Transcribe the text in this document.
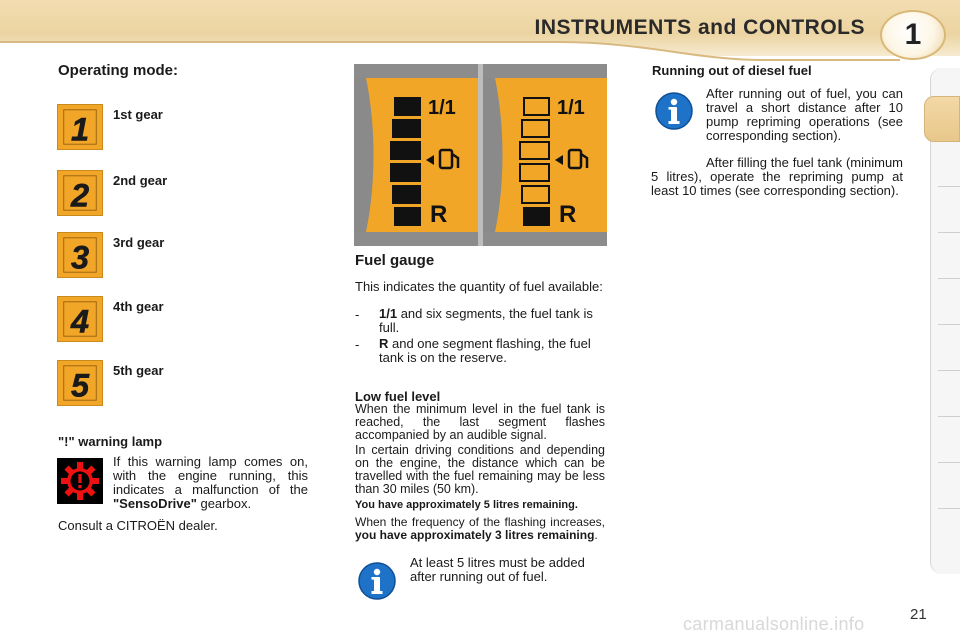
INSTRUMENTS and CONTROLS	1
Operating mode:
1 1st gear
2 2nd gear
3 3rd gear
4 4th gear
5 5th gear
"!" warning lamp
If this warning lamp comes on, with the engine running, this indicates a malfunction of the "SensoDrive" gearbox.
Consult a CITROËN dealer.
1/1
R
1/1
R
Fuel gauge
This indicates the quantity of fuel available:
- 1/1 and six segments, the fuel tank is full.
- R and one segment flashing, the fuel tank is on the reserve.
Low fuel level
When the minimum level in the fuel tank is reached, the last segment flashes accompanied by an audible signal.
In certain driving conditions and depending on the engine, the distance which can be travelled with the fuel remaining may be less than 30 miles (50 km).
You have approximately 5 litres remaining.
When the frequency of the flashing increases, you have approximately 3 litres remaining.
At least 5 litres must be added after running out of fuel.
Running out of diesel fuel
After running out of fuel, you can travel a short distance after 10 pump repriming operations (see corresponding section).
After filling the fuel tank (minimum 5 litres), operate the repriming pump at least 10 times (see corresponding section).
21
carmanualsonline.info
